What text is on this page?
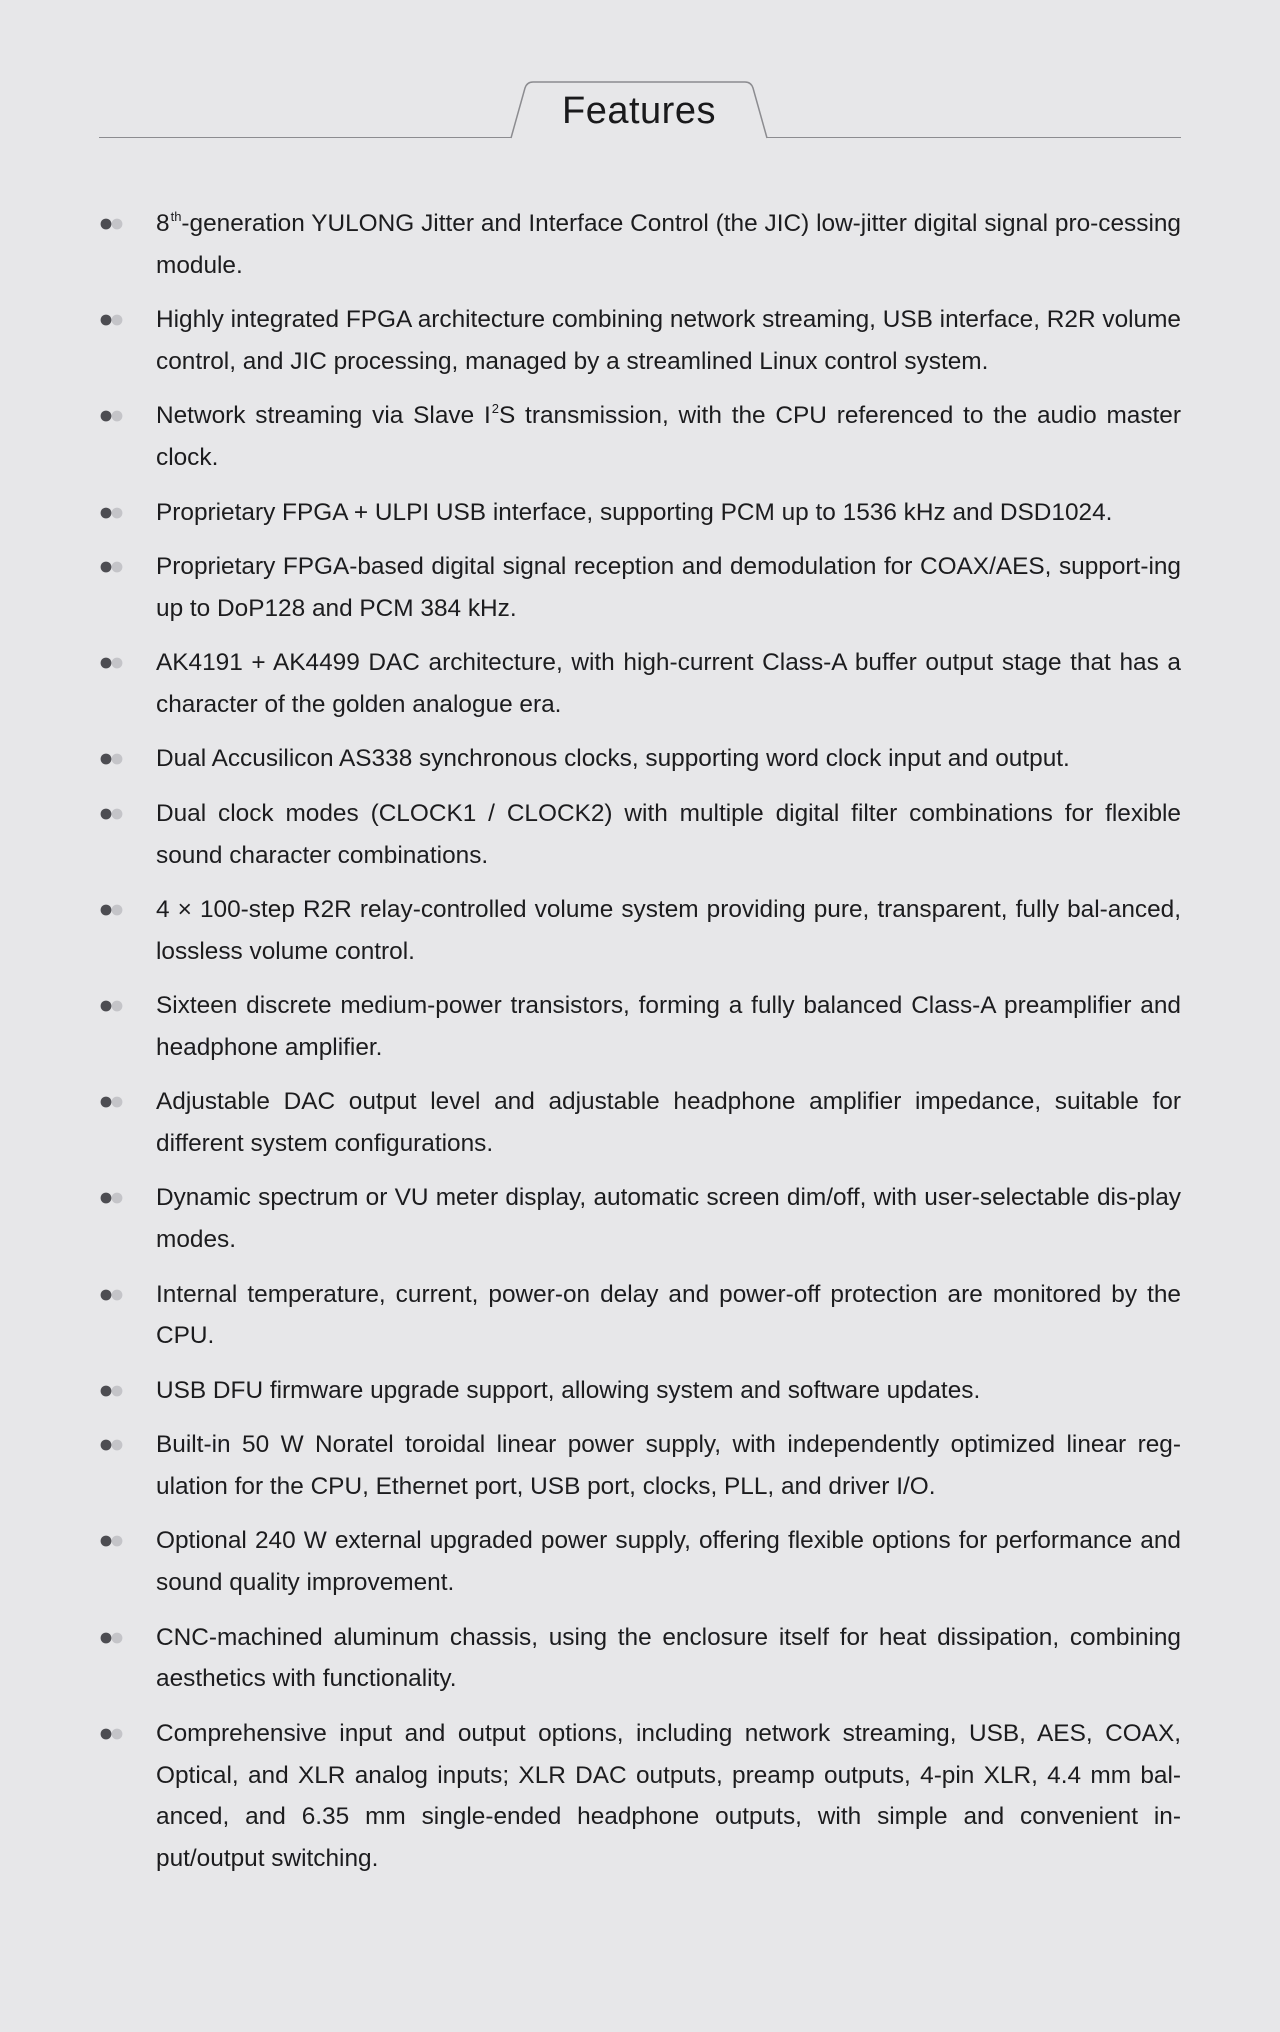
Features
8th-generation YULONG Jitter and Interface Control (the JIC) low-jitter digital signal pro-cessing module.
Highly integrated FPGA architecture combining network streaming, USB interface, R2R volume control, and JIC processing, managed by a streamlined Linux control system.
Network streaming via Slave $I^2S$ transmission, with the CPU referenced to the audio master clock.
Proprietary FPGA + ULPI USB interface, supporting PCM up to 1536 kHz and DSD1024.
Proprietary FPGA-based digital signal reception and demodulation for COAX/AES, support-ing up to DoP128 and PCM 384 kHz.
AK4191 + AK4499 DAC architecture, with high-current Class-A buffer output stage that has a character of the golden analogue era.
Dual Accusilicon AS338 synchronous clocks, supporting word clock input and output.
Dual clock modes (CLOCK1 / CLOCK2) with multiple digital filter combinations for flexible sound character combinations.
4 × 100-step R2R relay-controlled volume system providing pure, transparent, fully bal-anced, lossless volume control.
Sixteen discrete medium-power transistors, forming a fully balanced Class-A preamplifier and headphone amplifier.
Adjustable DAC output level and adjustable headphone amplifier impedance, suitable for different system configurations.
Dynamic spectrum or VU meter display, automatic screen dim/off, with user-selectable dis-play modes.
Internal temperature, current, power-on delay and power-off protection are monitored by the CPU.
USB DFU firmware upgrade support, allowing system and software updates.
Built-in 50 W Noratel toroidal linear power supply, with independently optimized linear reg-ulation for the CPU, Ethernet port, USB port, clocks, PLL, and driver I/O.
Optional 240 W external upgraded power supply, offering flexible options for performance and sound quality improvement.
CNC-machined aluminum chassis, using the enclosure itself for heat dissipation, combining aesthetics with functionality.
Comprehensive input and output options, including network streaming, USB, AES, COAX, Optical, and XLR analog inputs; XLR DAC outputs, preamp outputs, 4-pin XLR, 4.4 mm bal-anced, and 6.35 mm single-ended headphone outputs, with simple and convenient in-put/output switching.
